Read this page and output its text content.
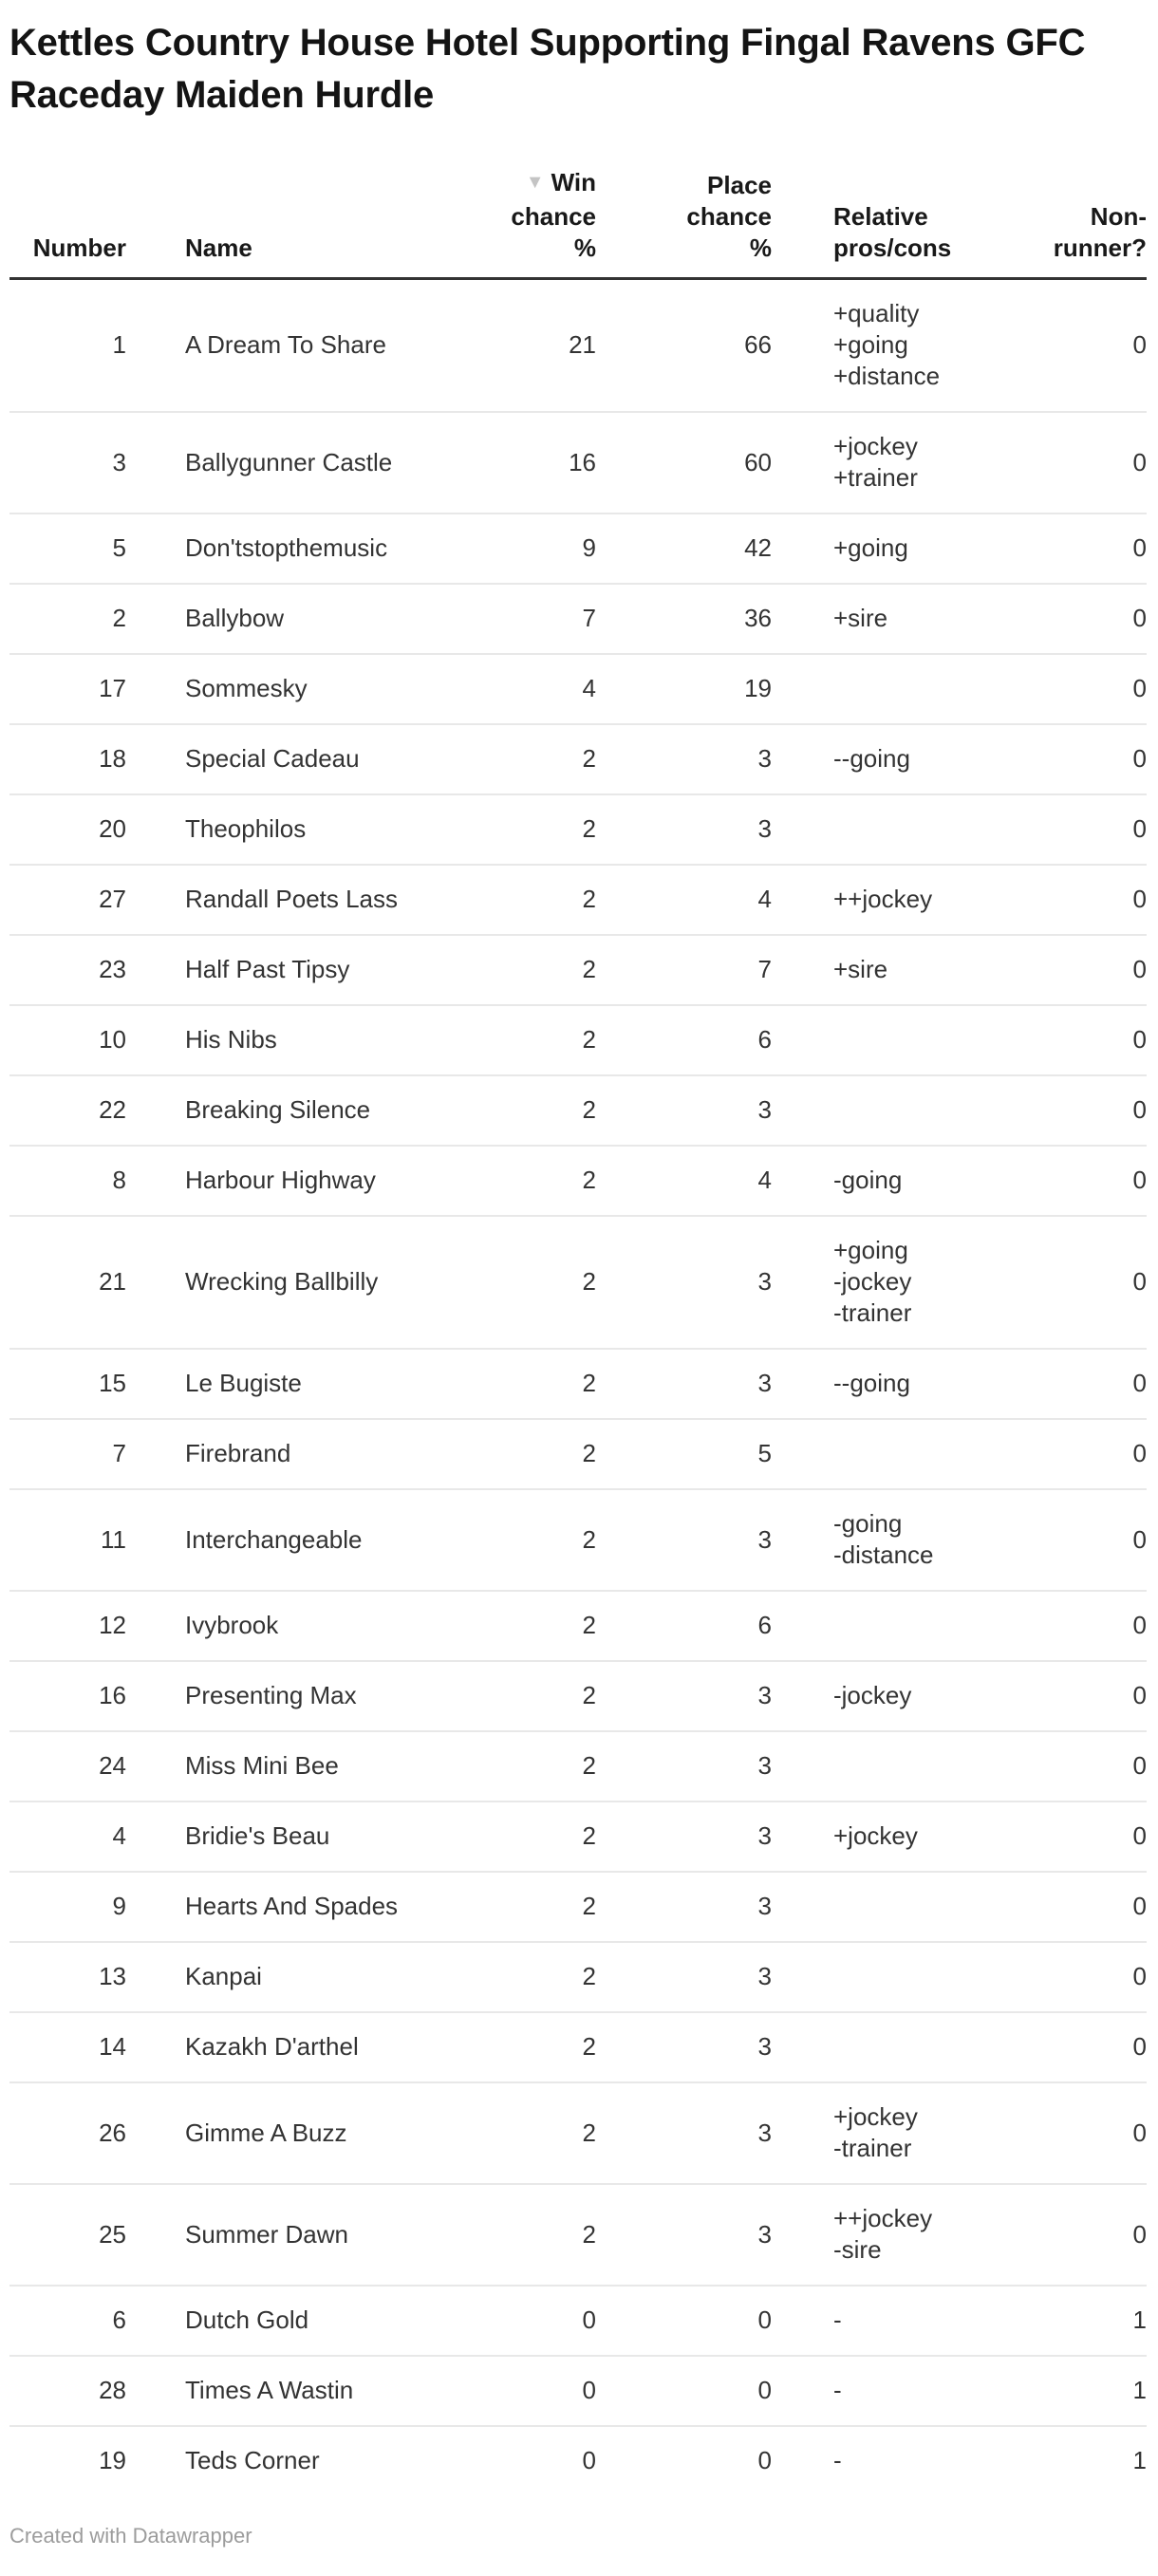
Kettles Country House Hotel Supporting Fingal Ravens GFC
Raceday Maiden Hurdle
Number	Name	▼ Win
chance
%	Place
chance
%	Relative
pros/cons	Non-
runner?

1	A Dream To Share	21	66	+quality
+going
+distance	0
3	Ballygunner Castle	16	60	+jockey
+trainer	0
5	Don'tstopthemusic	9	42	+going	0
2	Ballybow	7	36	+sire	0
17	Sommesky	4	19		0
18	Special Cadeau	2	3	--going	0
20	Theophilos	2	3		0
27	Randall Poets Lass	2	4	++jockey	0
23	Half Past Tipsy	2	7	+sire	0
10	His Nibs	2	6		0
22	Breaking Silence	2	3		0
8	Harbour Highway	2	4	-going	0
21	Wrecking Ballbilly	2	3	+going
-jockey
-trainer	0
15	Le Bugiste	2	3	--going	0
7	Firebrand	2	5		0
11	Interchangeable	2	3	-going
-distance	0
12	Ivybrook	2	6		0
16	Presenting Max	2	3	-jockey	0
24	Miss Mini Bee	2	3		0
4	Bridie's Beau	2	3	+jockey	0
9	Hearts And Spades	2	3		0
13	Kanpai	2	3		0
14	Kazakh D'arthel	2	3		0
26	Gimme A Buzz	2	3	+jockey
-trainer	0
25	Summer Dawn	2	3	++jockey
-sire	0
6	Dutch Gold	0	0	-	1
28	Times A Wastin	0	0	-	1
19	Teds Corner	0	0	-	1
Created with Datawrapper
